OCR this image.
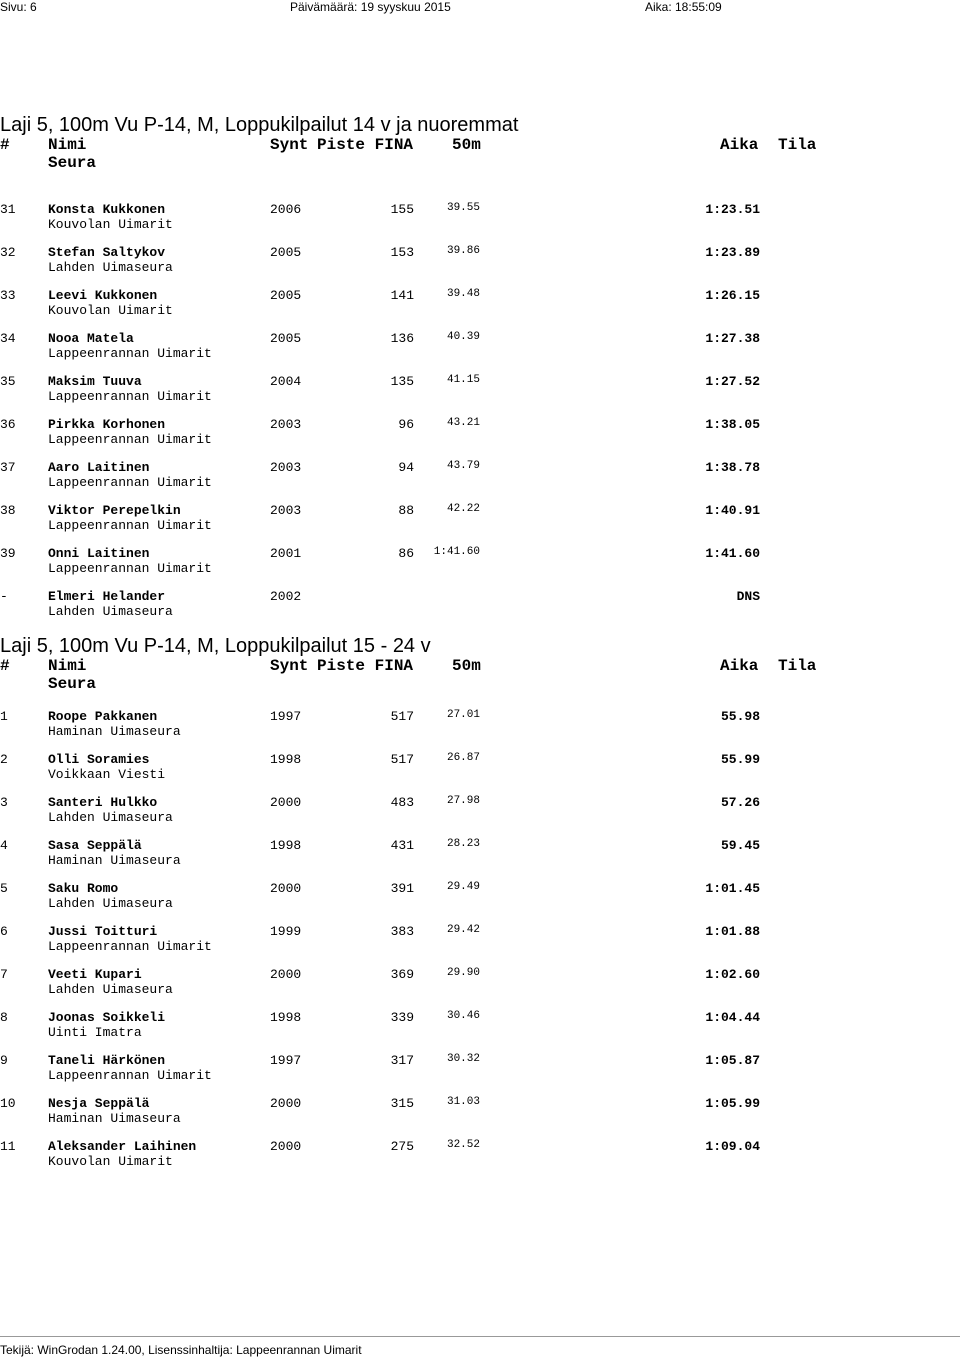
Sivu: 6	Päivämäärä: 19 syyskuu 2015	Aika: 18:55:09
Laji 5, 100m Vu P-14, M, Loppukilpailut 14 v ja nuoremmat
# Nimi	Synt Piste FINA 50m	Aika Tila
Seura
31 Konsta Kukkonen
Kouvolan Uimarit
2006	155	39.55	1:23.51
32 Stefan Saltykov
Lahden Uimaseura
2005	153	39.86	1:23.89
33 Leevi Kukkonen
Kouvolan Uimarit
2005	141	39.48	1:26.15
34 Nooa Matela
Lappeenrannan Uimarit
2005	136	40.39	1:27.38
35 Maksim Tuuva
Lappeenrannan Uimarit
2004	135	41.15	1:27.52
36 Pirkka Korhonen
Lappeenrannan Uimarit
2003	96	43.21	1:38.05
37 Aaro Laitinen
Lappeenrannan Uimarit
2003	94	43.79	1:38.78
38 Viktor Perepelkin
Lappeenrannan Uimarit
2003	88	42.22	1:40.91
39 Onni Laitinen
Lappeenrannan Uimarit
2001	86	1:41.60	1:41.60
-	Elmeri Helander
Lahden Uimaseura
2002	DNS
Laji 5, 100m Vu P-14, M, Loppukilpailut 15 - 24 v
# Nimi	Synt Piste FINA 50m	Aika Tila
Seura
1	Roope Pakkanen
Haminan Uimaseura
1997	517	27.01	55.98
2	Olli Soramies
Voikkaan Viesti
1998	517	26.87	55.99
3	Santeri Hulkko
Lahden Uimaseura
2000	483	27.98	57.26
4	Sasa Seppälä
Haminan Uimaseura
1998	431	28.23	59.45
5	Saku Romo
Lahden Uimaseura
2000	391	29.49	1:01.45
6	Jussi Toitturi
Lappeenrannan Uimarit
1999	383	29.42	1:01.88
7	Veeti Kupari
Lahden Uimaseura
2000	369	29.90	1:02.60
8	Joonas Soikkeli
Uinti Imatra
1998	339	30.46	1:04.44
9	Taneli Härkönen
Lappeenrannan Uimarit
1997	317	30.32	1:05.87
10 Nesja Seppälä
Haminan Uimaseura
2000	315	31.03	1:05.99
11 Aleksander Laihinen
Kouvolan Uimarit
2000	275	32.52	1:09.04
Tekijä: WinGrodan 1.24.00, Lisenssinhaltija: Lappeenrannan Uimarit
